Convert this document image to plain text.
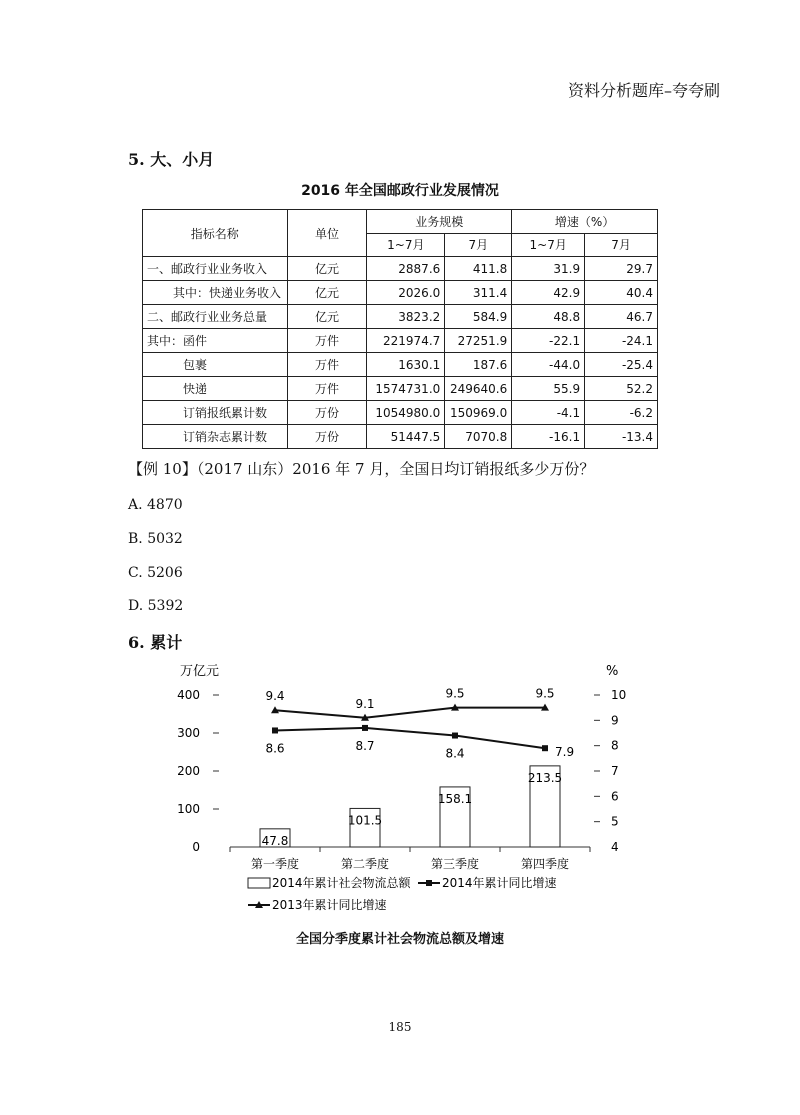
资料分析题库–夸夸刷
5. 大、小月
2016 年全国邮政行业发展情况
指标名称	单位	业务规模		增速（%）	
		1~7月	7月	1~7月	7月
一、邮政行业业务收入	亿元	2887.6	411.8	31.9	29.7
其中：快递业务收入	亿元	2026.0	311.4	42.9	40.4
二、邮政行业业务总量	亿元	3823.2	584.9	48.8	46.7
其中：函件	万件	221974.7	27251.9	-22.1	-24.1
包裹	万件	1630.1	187.6	-44.0	-25.4
快递	万件	1574731.0	249640.6	55.9	52.2
订销报纸累计数	万份	1054980.0	150969.0	-4.1	-6.2
订销杂志累计数	万份	51447.5	7070.8	-16.1	-13.4
【例 10】（2017 山东）2016 年 7 月，全国日均订销报纸多少万份？
A. 4870
B. 5032
C. 5206
D. 5392
6. 累计
万亿元	%
0
100
200
300
400
4
5
6
7
8
9
10
第一季度	第二季度	第三季度	第四季度
47.8
101.5
158.1
213.5
8.6	8.7
8.4	7.9
9.4
9.1
9.5	9.5
2014年累计社会物流总额	2014年累计同比增速
2013年累计同比增速
全国分季度累计社会物流总额及增速
185
